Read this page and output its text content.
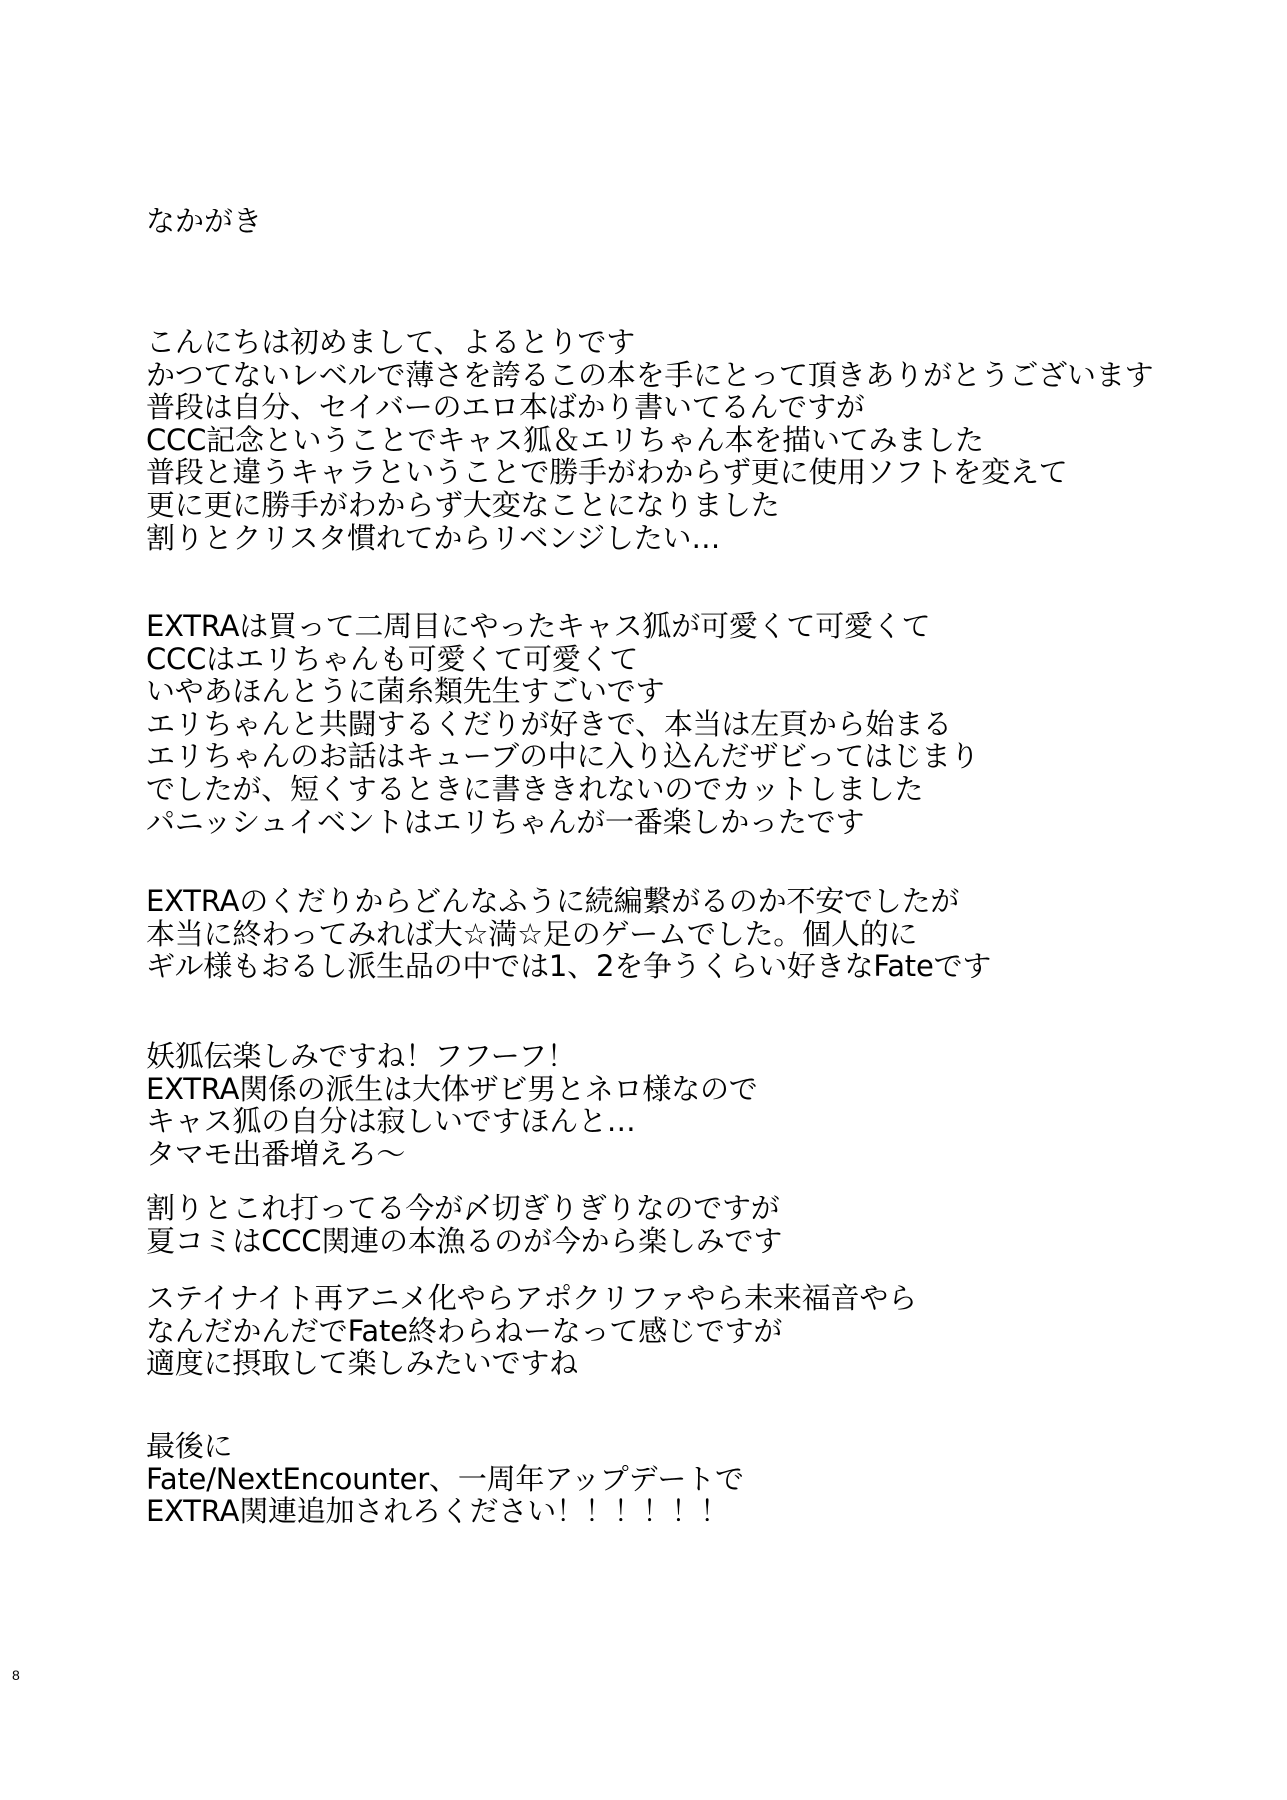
なかがき
こんにちは初めまして、よるとりです
かつてないレベルで薄さを誇るこの本を手にとって頂きありがとうございます
普段は自分、セイバーのエロ本ばかり書いてるんですが
CCC記念ということでキャス狐＆エリちゃん本を描いてみました
普段と違うキャラということで勝手がわからず更に使用ソフトを変えて
更に更に勝手がわからず大変なことになりました
割りとクリスタ慣れてからリベンジしたい…
EXTRAは買って二周目にやったキャス狐が可愛くて可愛くて
CCCはエリちゃんも可愛くて可愛くて
いやあほんとうに菌糸類先生すごいです
エリちゃんと共闘するくだりが好きで、本当は左頁から始まる
エリちゃんのお話はキューブの中に入り込んだザビってはじまり
でしたが、短くするときに書ききれないのでカットしました
パニッシュイベントはエリちゃんが一番楽しかったです
EXTRAのくだりからどんなふうに続編繋がるのか不安でしたが
本当に終わってみれば大☆満☆足のゲームでした。個人的に
ギル様もおるし派生品の中では1、2を争うくらい好きなFateです
妖狐伝楽しみですね！フフーフ！
EXTRA関係の派生は大体ザビ男とネロ様なので
キャス狐の自分は寂しいですほんと…
タマモ出番増えろ～
割りとこれ打ってる今が〆切ぎりぎりなのですが
夏コミはCCC関連の本漁るのが今から楽しみです
ステイナイト再アニメ化やらアポクリファやら未来福音やら
なんだかんだでFate終わらねーなって感じですが
適度に摂取して楽しみたいですね
最後に
Fate/NextEncounter、一周年アップデートで
EXTRA関連追加されろください！！！！！！
8
